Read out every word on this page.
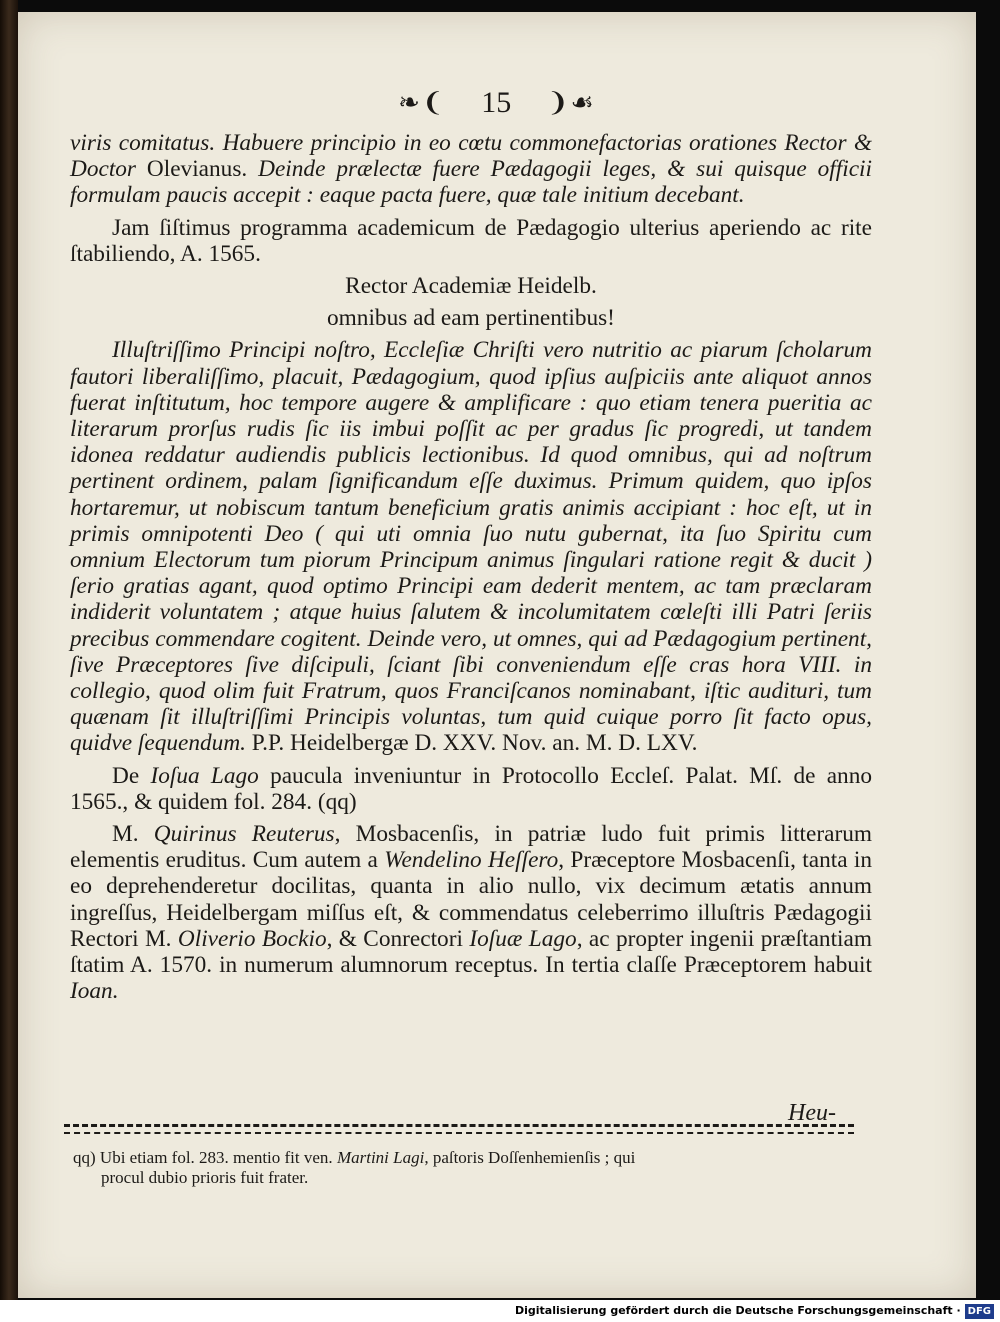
❧❨ 15 ❩☙

viris comitatus. Habuere principio in eo cœtu commonefactorias orationes Rector & Doctor Olevianus. Deinde prælectæ fuere Pædagogii leges, & sui quisque officii formulam paucis accepit : eaque pacta fuere, quæ tale initium decebant.

Jam ſiſtimus programma academicum de Pædagogio ulterius aperiendo ac rite ſtabiliendo, A. 1565.

Rector Academiæ Heidelb.

omnibus ad eam pertinentibus!

Illuſtriſſimo Principi noſtro, Eccleſiæ Chriſti vero nutritio ac piarum ſcholarum fautori liberaliſſimo, placuit, Pædagogium, quod ipſius auſpiciis ante aliquot annos fuerat inſtitutum, hoc tempore augere & amplificare : quo etiam tenera pueritia ac literarum prorſus rudis ſic iis imbui poſſit ac per gradus ſic progredi, ut tandem idonea reddatur audiendis publicis lectionibus. Id quod omnibus, qui ad noſtrum pertinent ordinem, palam ſignificandum eſſe duximus. Primum quidem, quo ipſos hortaremur, ut nobiscum tantum beneficium gratis animis accipiant : hoc eſt, ut in primis omnipotenti Deo ( qui uti omnia ſuo nutu gubernat, ita ſuo Spiritu cum omnium Electorum tum piorum Principum animus ſingulari ratione regit & ducit ) ſerio gratias agant, quod optimo Principi eam dederit mentem, ac tam præclaram indiderit voluntatem ; atque huius ſalutem & incolumitatem cœleſti illi Patri ſeriis precibus commendare cogitent. Deinde vero, ut omnes, qui ad Pædagogium pertinent, ſive Præceptores ſive diſcipuli, ſciant ſibi conveniendum eſſe cras hora VIII. in collegio, quod olim fuit Fratrum, quos Franciſcanos nominabant, iſtic audituri, tum quænam ſit illuſtriſſimi Principis voluntas, tum quid cuique porro ſit facto opus, quidve ſequendum. P.P. Heidelbergæ D. XXV. Nov. an. M. D. LXV.

De Ioſua Lago paucula inveniuntur in Protocollo Eccleſ. Palat. Mſ. de anno 1565., & quidem fol. 284. (qq)

M. Quirinus Reuterus, Mosbacenſis, in patriæ ludo fuit primis litterarum elementis eruditus. Cum autem a Wendelino Heſſero, Præceptore Mosbacenſi, tanta in eo deprehenderetur docilitas, quanta in alio nullo, vix decimum ætatis annum ingreſſus, Heidelbergam miſſus eſt, & commendatus celeberrimo illuſtris Pædagogii Rectori M. Oliverio Bockio, & Conrectori Ioſuæ Lago, ac propter ingenii præſtantiam ſtatim A. 1570. in numerum alumnorum receptus. In tertia claſſe Præceptorem habuit Ioan.

Heu-

qq) Ubi etiam fol. 283. mentio fit ven. Martini Lagi, paſtoris Doſſenhemienſis ; qui

procul dubio prioris fuit frater.

Digitalisierung gefördert durch die Deutsche Forschungsgemeinschaft · DFG
